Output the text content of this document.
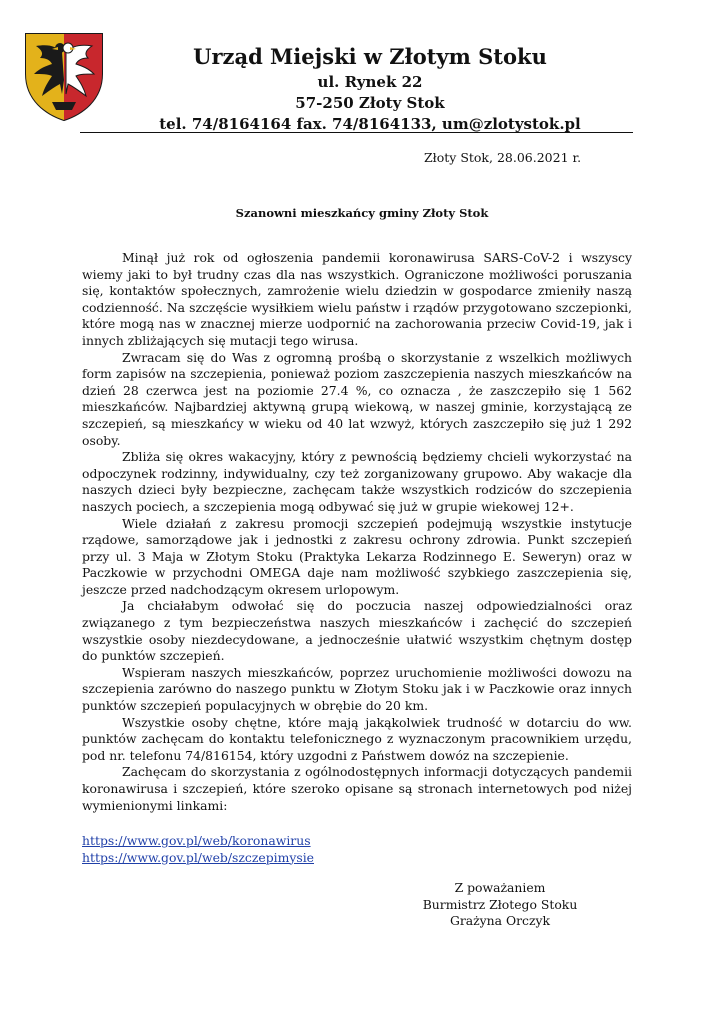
Urząd Miejski w Złotym Stoku
ul. Rynek 22
57-250 Złoty Stok
tel. 74/8164164 fax. 74/8164133, um@zlotystok.pl
Złoty Stok, 28.06.2021 r.
Szanowni mieszkańcy gminy Złoty Stok

Minął już rok od ogłoszenia pandemii koronawirusa SARS-CoV-2 i wszyscy wiemy jaki to był trudny czas dla nas wszystkich. Ograniczone możliwości poruszania się, kontaktów społecznych, zamrożenie wielu dziedzin w gospodarce zmieniły naszą codzienność. Na szczęście wysiłkiem wielu państw i rządów przygotowano szczepionki, które mogą nas w znacznej mierze uodpornić na zachorowania przeciw Covid-19, jak i innych zbliżających się mutacji tego wirusa.

Zwracam się do Was z ogromną prośbą o skorzystanie z wszelkich możliwych form zapisów na szczepienia, ponieważ poziom zaszczepienia naszych mieszkańców na dzień 28 czerwca jest na poziomie 27.4 %, co oznacza , że zaszczepiło się 1 562 mieszkańców. Najbardziej aktywną grupą wiekową, w naszej gminie, korzystającą ze szczepień, są mieszkańcy w wieku od 40 lat wzwyż, których zaszczepiło się już 1 292 osoby.

Zbliża się okres wakacyjny, który z pewnością będziemy chcieli wykorzystać na odpoczynek rodzinny, indywidualny, czy też zorganizowany grupowo. Aby wakacje dla naszych dzieci były bezpieczne, zachęcam także wszystkich rodziców do szczepienia naszych pociech, a szczepienia mogą odbywać się już w grupie wiekowej 12+.

Wiele działań z zakresu promocji szczepień podejmują wszystkie instytucje rządowe, samorządowe jak i jednostki z zakresu ochrony zdrowia. Punkt szczepień przy ul. 3 Maja w Złotym Stoku (Praktyka Lekarza Rodzinnego E. Seweryn) oraz w Paczkowie w przychodni OMEGA daje nam możliwość szybkiego zaszczepienia się, jeszcze przed nadchodzącym okresem urlopowym.

Ja chciałabym odwołać się do poczucia naszej odpowiedzialności oraz związanego z tym bezpieczeństwa naszych mieszkańców i zachęcić do szczepień wszystkie osoby niezdecydowane, a jednocześnie ułatwić wszystkim chętnym dostęp do punktów szczepień.

Wspieram naszych mieszkańców, poprzez uruchomienie możliwości dowozu na szczepienia zarówno do naszego punktu w Złotym Stoku jak i w Paczkowie oraz innych punktów szczepień populacyjnych w obrębie do 20 km.

Wszystkie osoby chętne, które mają jakąkolwiek trudność w dotarciu do ww. punktów zachęcam do kontaktu telefonicznego z wyznaczonym pracownikiem urzędu, pod nr. telefonu 74/816154, który uzgodni z Państwem dowóz na szczepienie.

Zachęcam do skorzystania z ogólnodostępnych informacji dotyczących pandemii koronawirusa i szczepień, które szeroko opisane są stronach internetowych pod niżej wymienionymi linkami:

https://www.gov.pl/web/koronawirus
https://www.gov.pl/web/szczepimysie
Z poważaniem
Burmistrz Złotego Stoku
Grażyna Orczyk
